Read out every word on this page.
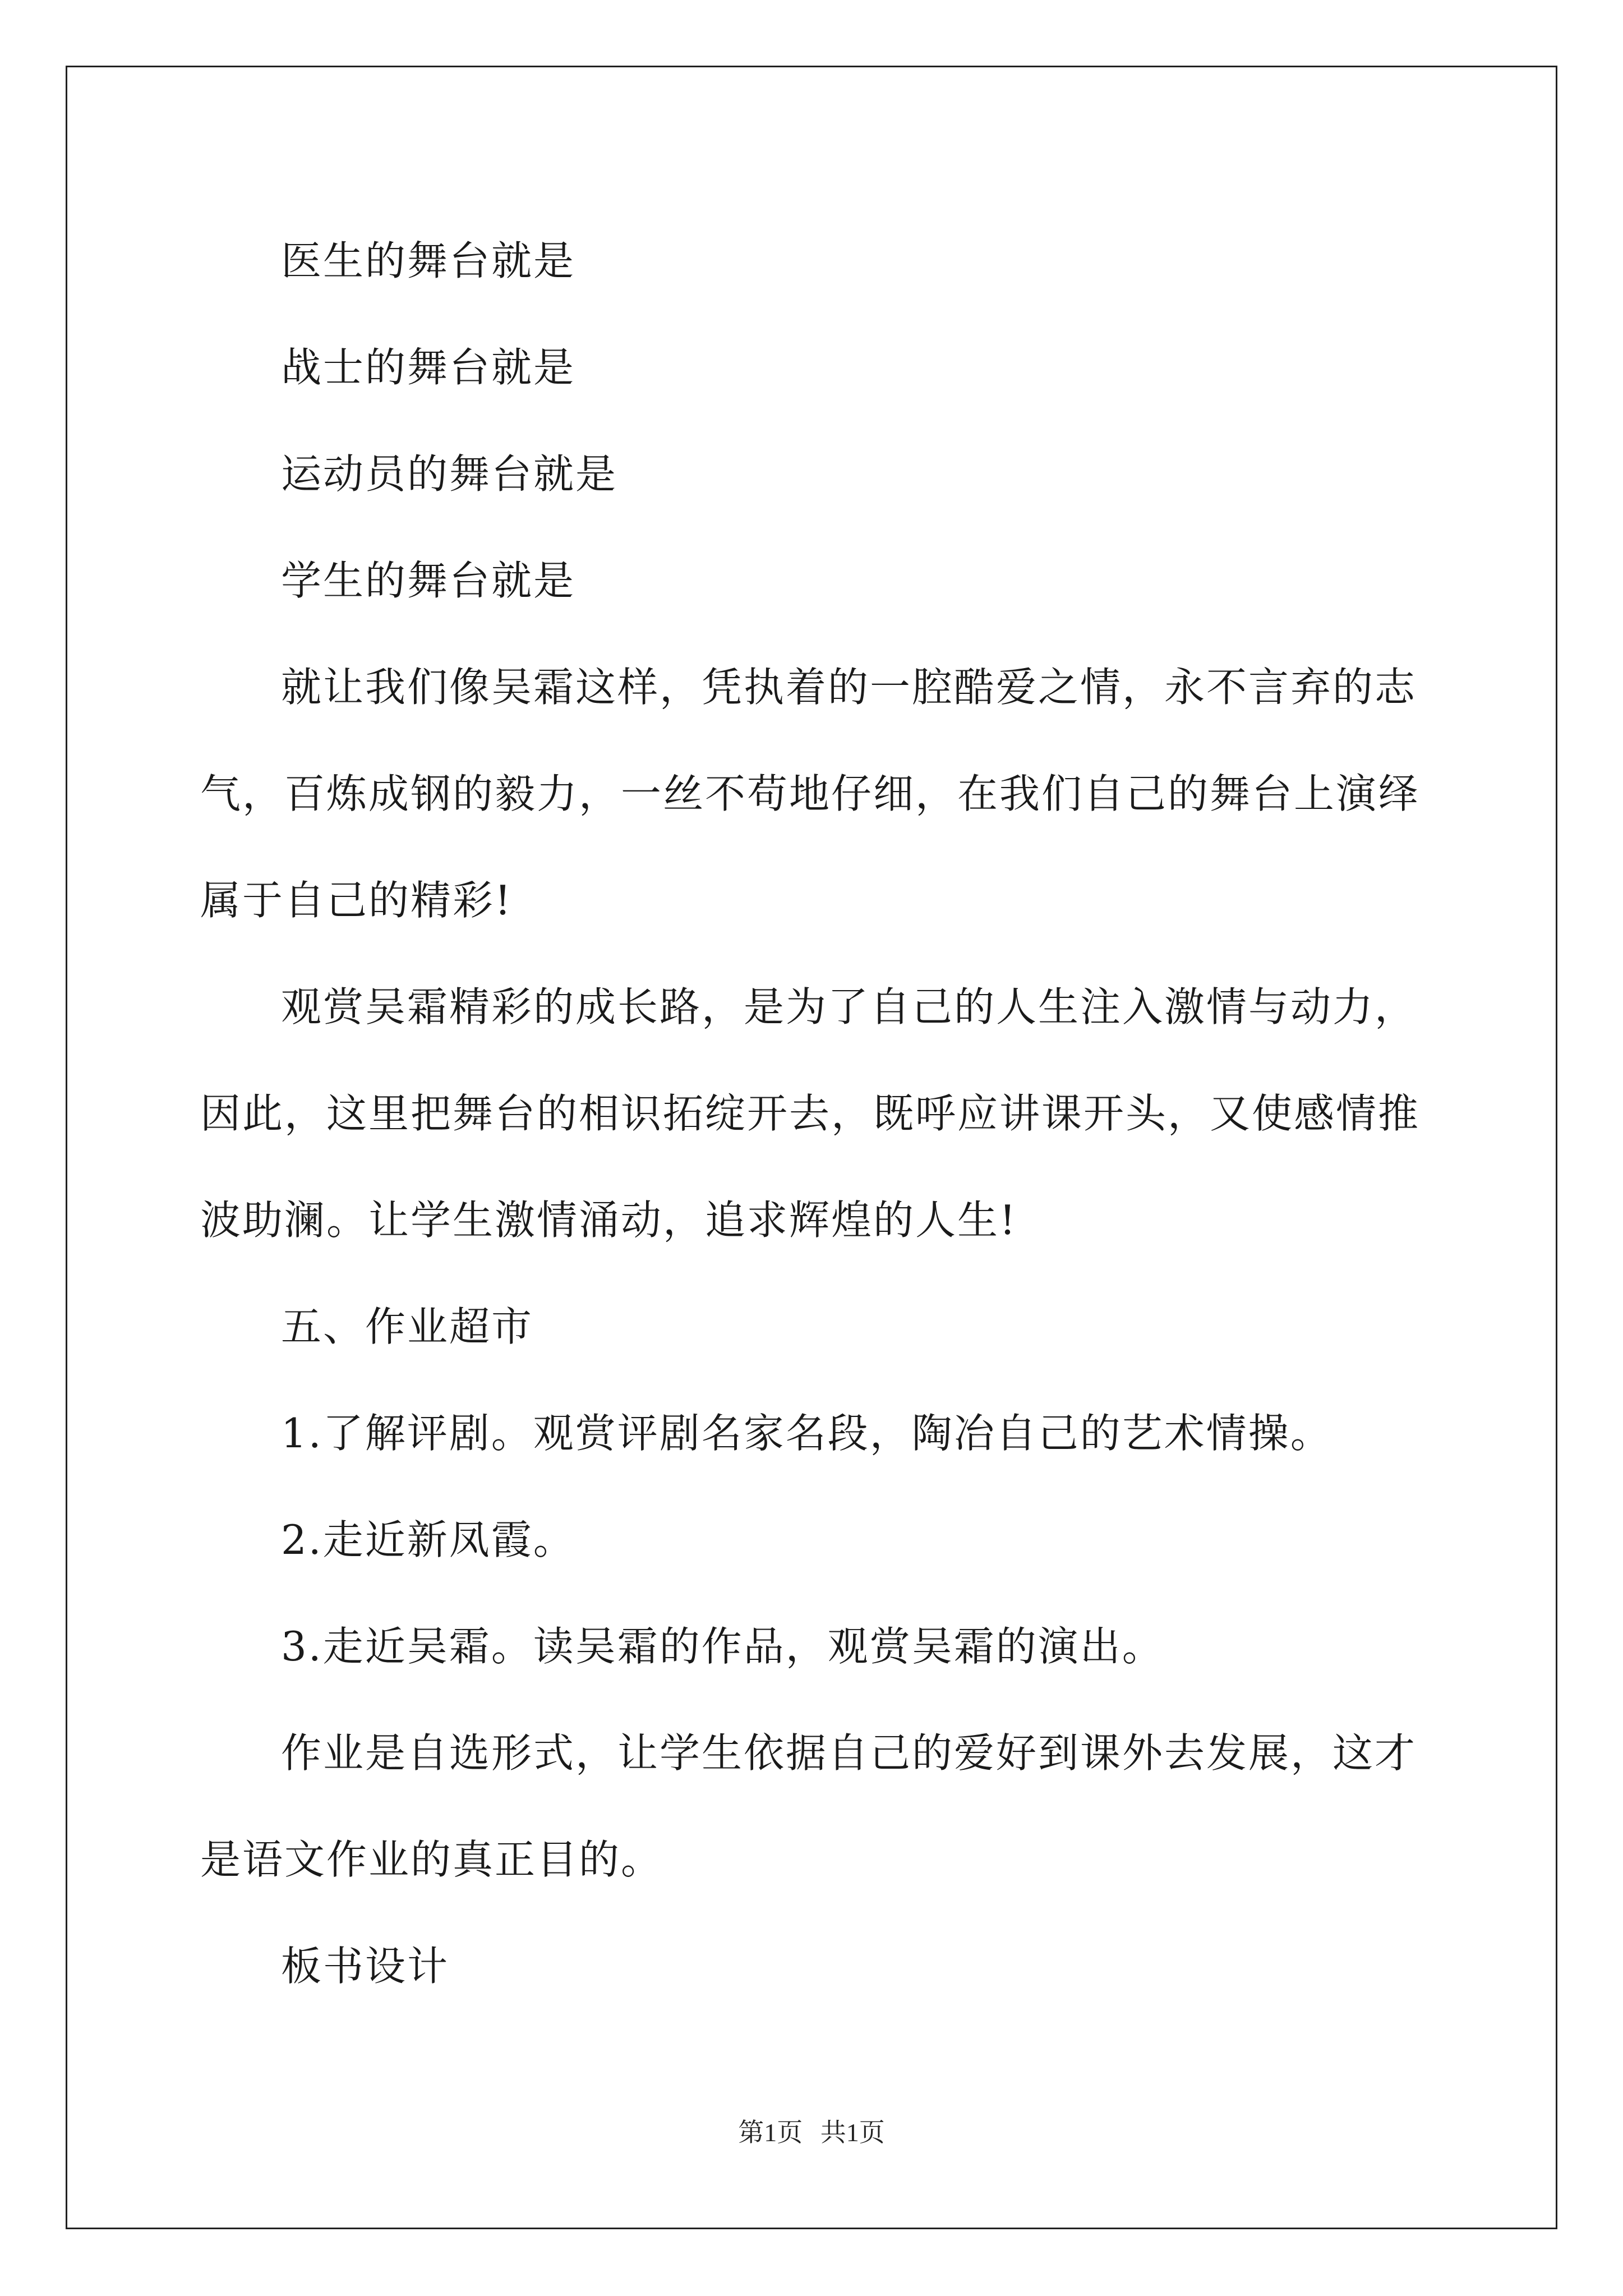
医生的舞台就是

战士的舞台就是

运动员的舞台就是

学生的舞台就是

就让我们像吴霜这样，凭执着的一腔酷爱之情，永不言弃的志气，百炼成钢的毅力，一丝不苟地仔细，在我们自己的舞台上演绎属于自己的精彩!

观赏吴霜精彩的成长路，是为了自己的人生注入激情与动力，因此，这里把舞台的相识拓绽开去，既呼应讲课开头，又使感情推波助澜。让学生激情涌动，追求辉煌的人生!

五、作业超市

1.了解评剧。观赏评剧名家名段，陶冶自己的艺术情操。

2.走近新凤霞。

3.走近吴霜。读吴霜的作品，观赏吴霜的演出。

作业是自选形式，让学生依据自己的爱好到课外去发展，这才是语文作业的真正目的。

板书设计

第1页 共1页
